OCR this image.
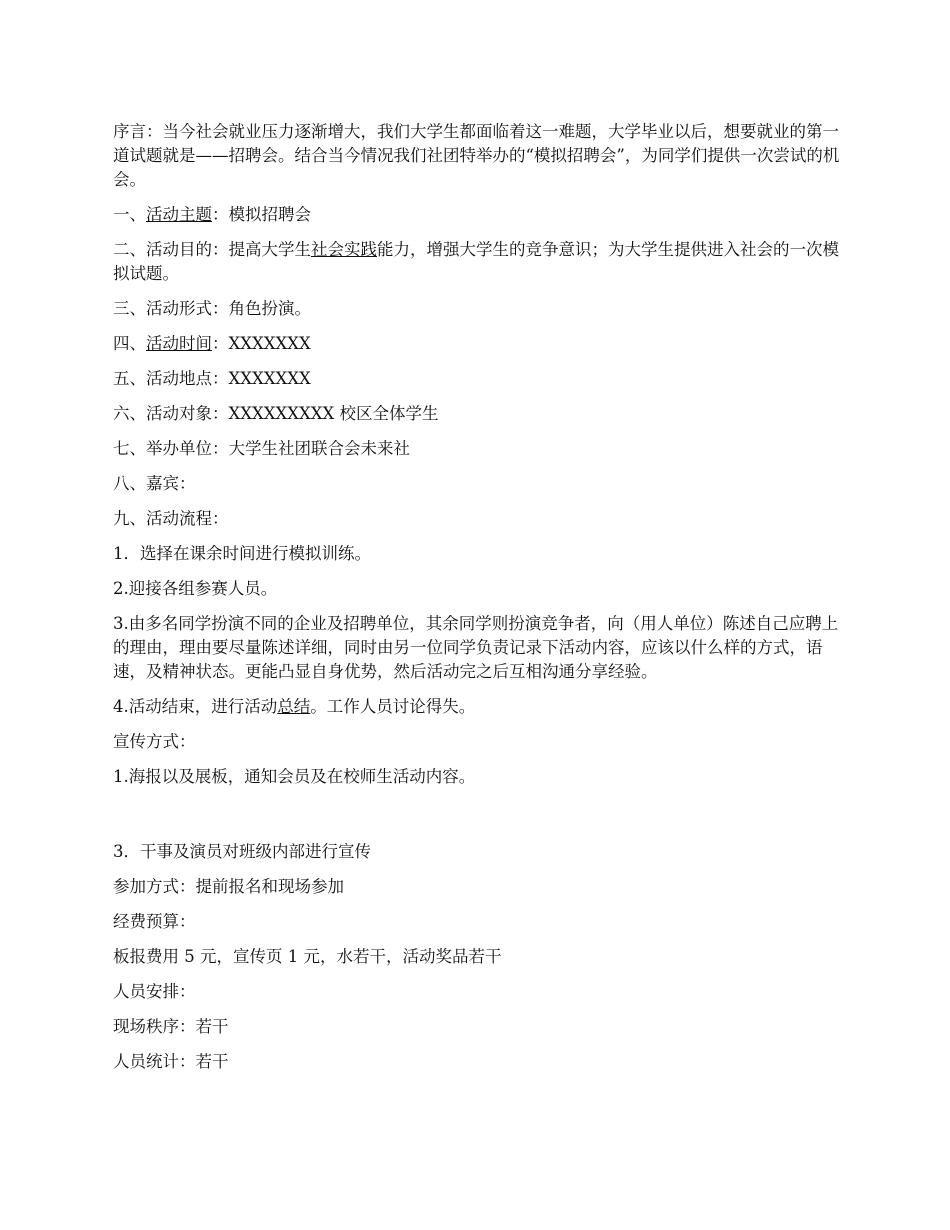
序言：当今社会就业压力逐渐增大，我们大学生都面临着这一难题，大学毕业以后，想要就业的第一道试题就是——招聘会。结合当今情况我们社团特举办的“模拟招聘会”，为同学们提供一次尝试的机会。

一、活动主题：模拟招聘会

二、活动目的：提高大学生社会实践能力，增强大学生的竞争意识；为大学生提供进入社会的一次模拟试题。

三、活动形式：角色扮演。

四、活动时间：XXXXXXX

五、活动地点：XXXXXXX

六、活动对象：XXXXXXXXX 校区全体学生

七、举办单位：大学生社团联合会未来社

八、嘉宾：

九、活动流程：

1．选择在课余时间进行模拟训练。

2.迎接各组参赛人员。

3.由多名同学扮演不同的企业及招聘单位，其余同学则扮演竞争者，向（用人单位）陈述自己应聘上的理由，理由要尽量陈述详细，同时由另一位同学负责记录下活动内容，应该以什么样的方式，语速，及精神状态。更能凸显自身优势，然后活动完之后互相沟通分享经验。

4.活动结束，进行活动总结。工作人员讨论得失。

宣传方式：

1.海报以及展板，通知会员及在校师生活动内容。

3．干事及演员对班级内部进行宣传

参加方式：提前报名和现场参加

经费预算：

板报费用 5 元，宣传页 1 元，水若干，活动奖品若干

人员安排：

现场秩序：若干

人员统计：若干
